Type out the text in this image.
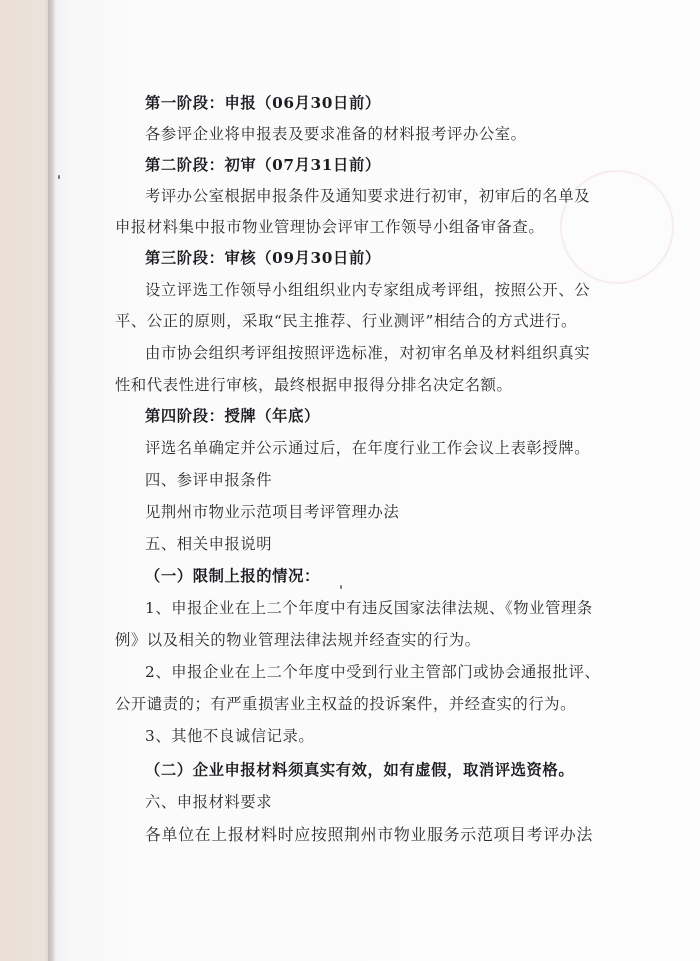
第一阶段：申报（06月30日前）
各参评企业将申报表及要求准备的材料报考评办公室。
第二阶段：初审（07月31日前）
考评办公室根据申报条件及通知要求进行初审，初审后的名单及
申报材料集中报市物业管理协会评审工作领导小组备审备查。
第三阶段：审核（09月30日前）
设立评选工作领导小组组织业内专家组成考评组，按照公开、公
平、公正的原则，采取“民主推荐、行业测评”相结合的方式进行。
由市协会组织考评组按照评选标准，对初审名单及材料组织真实
性和代表性进行审核，最终根据申报得分排名决定名额。
第四阶段：授牌（年底）
评选名单确定并公示通过后，在年度行业工作会议上表彰授牌。
四、参评申报条件
见荆州市物业示范项目考评管理办法
五、相关申报说明
（一）限制上报的情况：
1、申报企业在上二个年度中有违反国家法律法规、《物业管理条
例》以及相关的物业管理法律法规并经查实的行为。
2、申报企业在上二个年度中受到行业主管部门或协会通报批评、
公开谴责的；有严重损害业主权益的投诉案件，并经查实的行为。
3、其他不良诚信记录。
（二）企业申报材料须真实有效，如有虚假，取消评选资格。
六、申报材料要求
各单位在上报材料时应按照荆州市物业服务示范项目考评办法
